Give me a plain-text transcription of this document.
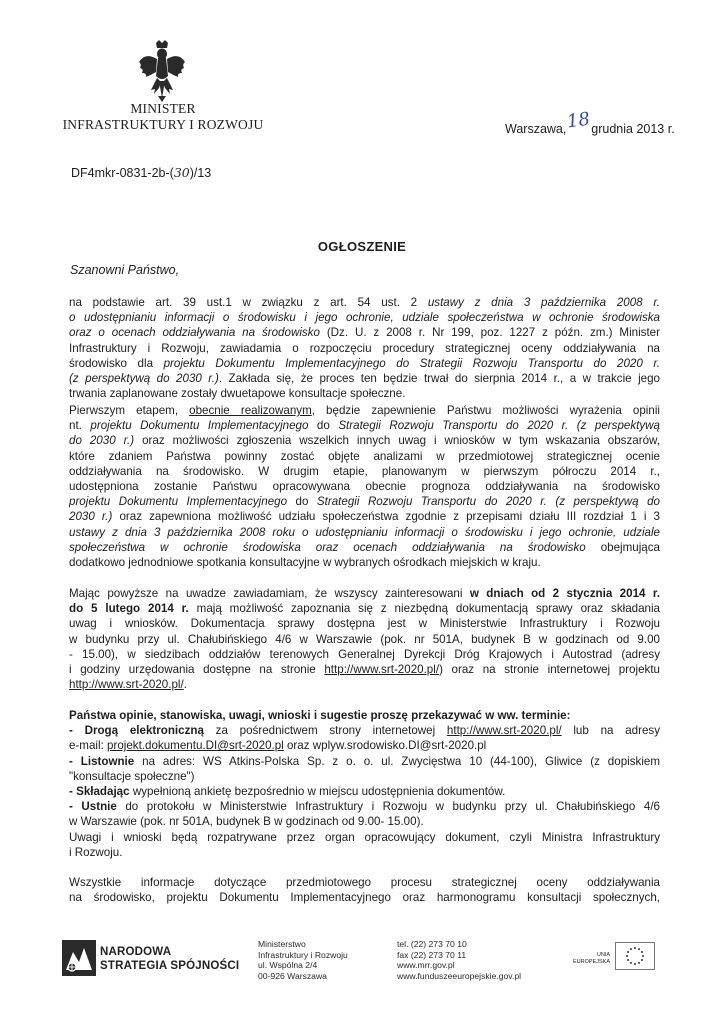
MINISTER
INFRASTRUKTURY I ROZWOJU	Warszawa,18grudnia 2013 r.
DF4mkr-0831-2b-(30)/13
OGŁOSZENIE
Szanowni Państwo,

na podstawie art. 39 ust.1 w związku z art. 54 ust. 2 ustawy z dnia 3 października 2008 r.

o udostępnianiu informacji o środowisku i jego ochronie, udziale społeczeństwa w ochronie środowiska

oraz o ocenach oddziaływania na środowisko (Dz. U. z 2008 r. Nr 199, poz. 1227 z późn. zm.) Minister

Infrastruktury i Rozwoju, zawiadamia o rozpoczęciu procedury strategicznej oceny oddziaływania na

środowisko dla projektu Dokumentu Implementacyjnego do Strategii Rozwoju Transportu do 2020 r.

(z perspektywą do 2030 r.). Zakłada się, że proces ten będzie trwał do sierpnia 2014 r., a w trakcie jego

trwania zaplanowane zostały dwuetapowe konsultacje społeczne.

Pierwszym etapem, obecnie realizowanym, będzie zapewnienie Państwu możliwości wyrażenia opinii

nt. projektu Dokumentu Implementacyjnego do Strategii Rozwoju Transportu do 2020 r. (z perspektywą

do 2030 r.) oraz możliwości zgłoszenia wszelkich innych uwag i wniosków w tym wskazania obszarów,

które zdaniem Państwa powinny zostać objęte analizami w przedmiotowej strategicznej ocenie

oddziaływania na środowisko. W drugim etapie, planowanym w pierwszym półroczu 2014 r.,

udostępniona zostanie Państwu opracowywana obecnie prognoza oddziaływania na środowisko

projektu Dokumentu Implementacyjnego do Strategii Rozwoju Transportu do 2020 r. (z perspektywą do

2030 r.) oraz zapewniona możliwość udziału społeczeństwa zgodnie z przepisami działu III rozdział 1 i 3

ustawy z dnia 3 października 2008 roku o udostępnianiu informacji o środowisku i jego ochronie, udziale

społeczeństwa w ochronie środowiska oraz ocenach oddziaływania na środowisko obejmująca

dodatkowo jednodniowe spotkania konsultacyjne w wybranych ośrodkach miejskich w kraju.

Mając powyższe na uwadze zawiadamiam, że wszyscy zainteresowani w dniach od 2 stycznia 2014 r.

do 5 lutego 2014 r. mają możliwość zapoznania się z niezbędną dokumentacją sprawy oraz składania

uwag i wniosków. Dokumentacja sprawy dostępna jest w Ministerstwie Infrastruktury i Rozwoju

w budynku przy ul. Chałubińskiego 4/6 w Warszawie (pok. nr 501A, budynek B w godzinach od 9.00

- 15.00), w siedzibach oddziałów terenowych Generalnej Dyrekcji Dróg Krajowych i Autostrad (adresy

i godziny urzędowania dostępne na stronie http://www.srt-2020.pl/) oraz na stronie internetowej projektu

http://www.srt-2020.pl/.

Państwa opinie, stanowiska, uwagi, wnioski i sugestie proszę przekazywać w ww. terminie:

- Drogą elektroniczną za pośrednictwem strony internetowej http://www.srt-2020.pl/ lub na adresy

e-mail: projekt.dokumentu.DI@srt-2020.pl oraz wplyw.srodowisko.DI@srt-2020.pl

- Listownie na adres: WS Atkins-Polska Sp. z o. o. ul. Zwycięstwa 10 (44-100), Gliwice (z dopiskiem

"konsultacje społeczne")

- Składając wypełnioną ankietę bezpośrednio w miejscu udostępnienia dokumentów.

- Ustnie do protokołu w Ministerstwie Infrastruktury i Rozwoju w budynku przy ul. Chałubińskiego 4/6

w Warszawie (pok. nr 501A, budynek B w godzinach od 9.00- 15.00).

Uwagi i wnioski będą rozpatrywane przez organ opracowujący dokument, czyli Ministra Infrastruktury

i Rozwoju.

Wszystkie informacje dotyczące przedmiotowego procesu strategicznej oceny oddziaływania

na środowisko, projektu Dokumentu Implementacyjnego oraz harmonogramu konsultacji społecznych,

NARODOWA
STRATEGIA SPÓJNOŚCI
Ministerstwo
Infrastruktury i Rozwoju
ul. Wspólna 2/4
00-926 Warszawa
tel. (22) 273 70 10
fax (22) 273 70 11
www.mrr.gov.pl
www.funduszeeuropejskie.gov.pl
UNIA
EUROPEJSKA
